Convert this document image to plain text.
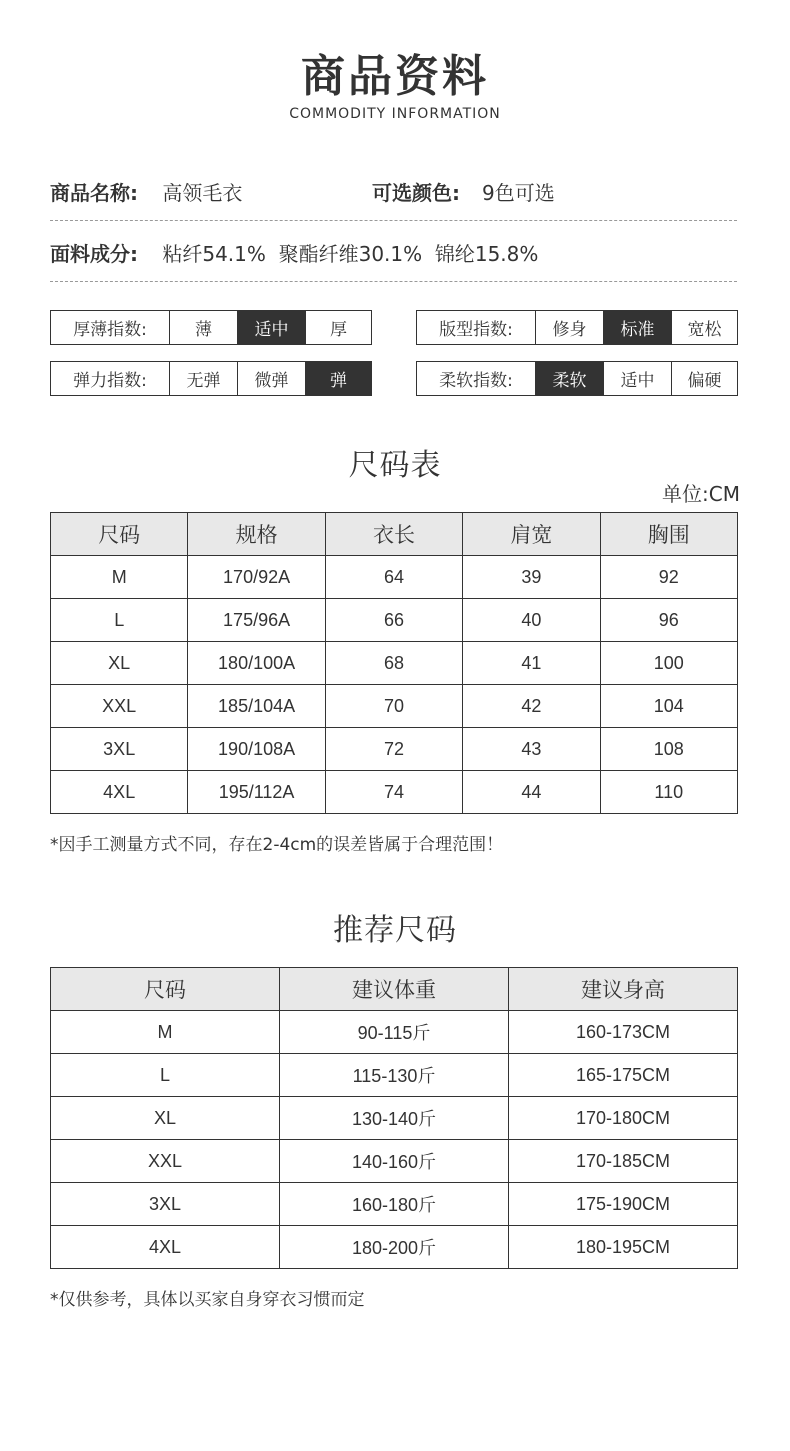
商品资料
COMMODITY INFORMATION
商品名称: 高领毛衣	可选颜色: 9色可选
面料成分: 粘纤54.1%  聚酯纤维30.1%  锦纶15.8%
厚薄指数:	薄	适中	厚	版型指数:	修身	标准	宽松
弹力指数:	无弹	微弹	弹	柔软指数:	柔软	适中	偏硬
尺码表
单位:CM
尺码	规格	衣长	肩宽	胸围
M	170/92A	64	39	92
L	175/96A	66	40	96
XL	180/100A	68	41	100
XXL	185/104A	70	42	104
3XL	190/108A	72	43	108
4XL	195/112A	74	44	110
*因手工测量方式不同，存在2-4cm的误差皆属于合理范围！
推荐尺码
尺码	建议体重	建议身高
M	90-115斤	160-173CM
L	115-130斤	165-175CM
XL	130-140斤	170-180CM
XXL	140-160斤	170-185CM
3XL	160-180斤	175-190CM
4XL	180-200斤	180-195CM
*仅供参考，具体以买家自身穿衣习惯而定
